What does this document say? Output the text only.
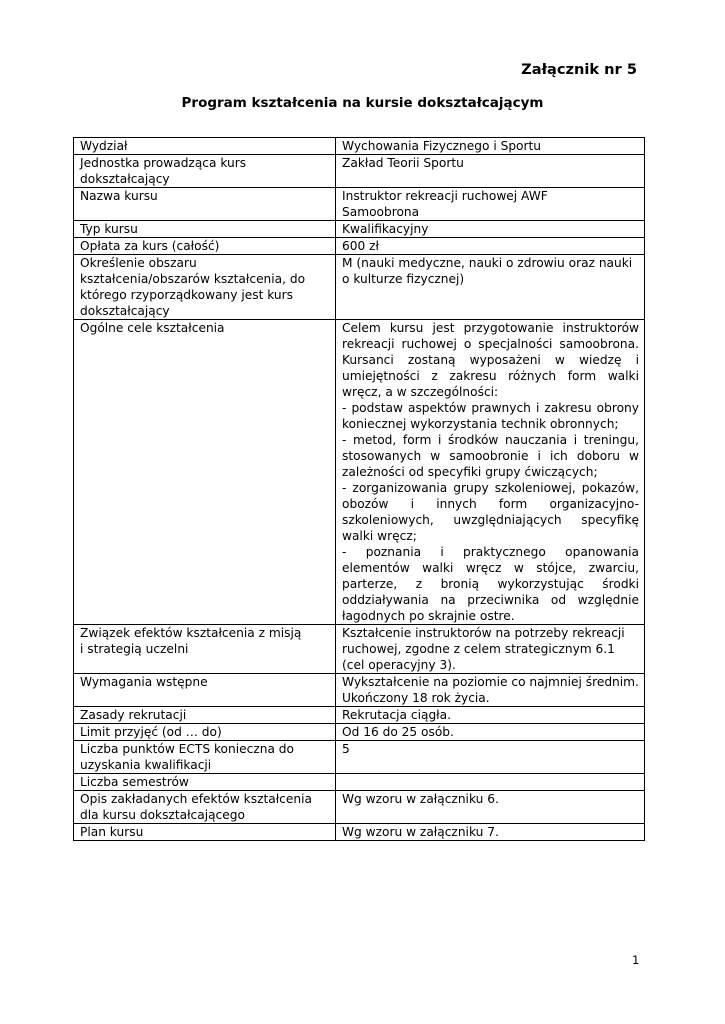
Załącznik nr 5
Program kształcenia na kursie dokształcającym
Wydział	Wychowania Fizycznego i Sportu

Jednostka prowadząca kurs
dokształcający	Zakład Teorii Sportu

Nazwa kursu	Instruktor rekreacji ruchowej AWF
Samoobrona

Typ kursu	Kwalifikacyjny

Opłata za kurs (całość)	600 zł

Określenie obszaru kształcenia/obszarów kształcenia, do którego rzyporządkowany jest kurs dokształcający	M (nauki medyczne, nauki o zdrowiu oraz nauki o kulturze fizycznej)

Ogólne cele kształcenia	Celem kursu jest przygotowanie instruktorów rekreacji ruchowej o specjalności samoobrona. Kursanci zostaną wyposażeni w wiedzę i umiejętności z zakresu różnych form walki wręcz, a w szczególności:
- podstaw aspektów prawnych i zakresu obrony koniecznej wykorzystania technik obronnych;
- metod, form i środków nauczania i treningu, stosowanych w samoobronie i ich doboru w zależności od specyfiki grupy ćwiczących;
- zorganizowania grupy szkoleniowej, pokazów, obozów i innych form organizacyjno-szkoleniowych, uwzględniających specyfikę walki wręcz;
- poznania i praktycznego opanowania elementów walki wręcz w stójce, zwarciu, parterze, z bronią wykorzystując środki oddziaływania na przeciwnika od względnie łagodnych po skrajnie ostre.

Związek efektów kształcenia z misją
i strategią uczelni	Kształcenie instruktorów na potrzeby rekreacji ruchowej, zgodne z celem strategicznym 6.1 (cel operacyjny 3).

Wymagania wstępne	Wykształcenie na poziomie co najmniej średnim. Ukończony 18 rok życia.

Zasady rekrutacji	Rekrutacja ciągła.

Limit przyjęć (od … do)	Od 16 do 25 osób.

Liczba punktów ECTS konieczna do uzyskania kwalifikacji	5

Liczba semestrów	

Opis zakładanych efektów kształcenia dla kursu dokształcającego	Wg wzoru w załączniku 6.

Plan kursu	Wg wzoru w załączniku 7.
1
